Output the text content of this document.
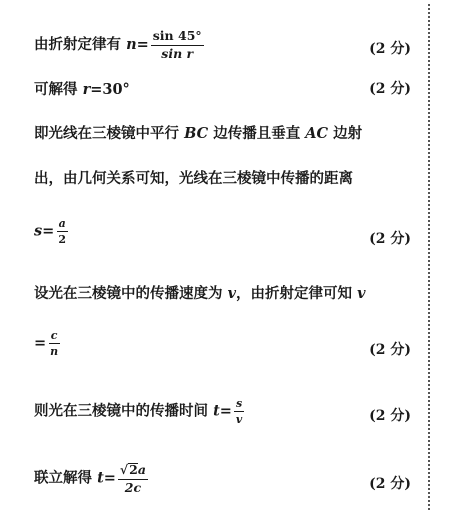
由折射定律有 $n= \frac{\sin 45^\circ}{\text{sin r}}$	(2 分)
可解得 r=30°	(2 分)
即光线在三棱镜中平行 BC 边传播且垂直 AC 边射
出，由几何关系可知，光线在三棱镜中传播的距离
$s= \frac{a}{2}$	(2 分)
设光在三棱镜中的传播速度为 v，由折射定律可知 v
= $\frac{c}{n}$	(2 分)
则光在三棱镜中的传播时间 $t= \frac{s}{v}$	(2 分)
联立解得 $t= \frac{√2a}{2c}$	(2 分)
